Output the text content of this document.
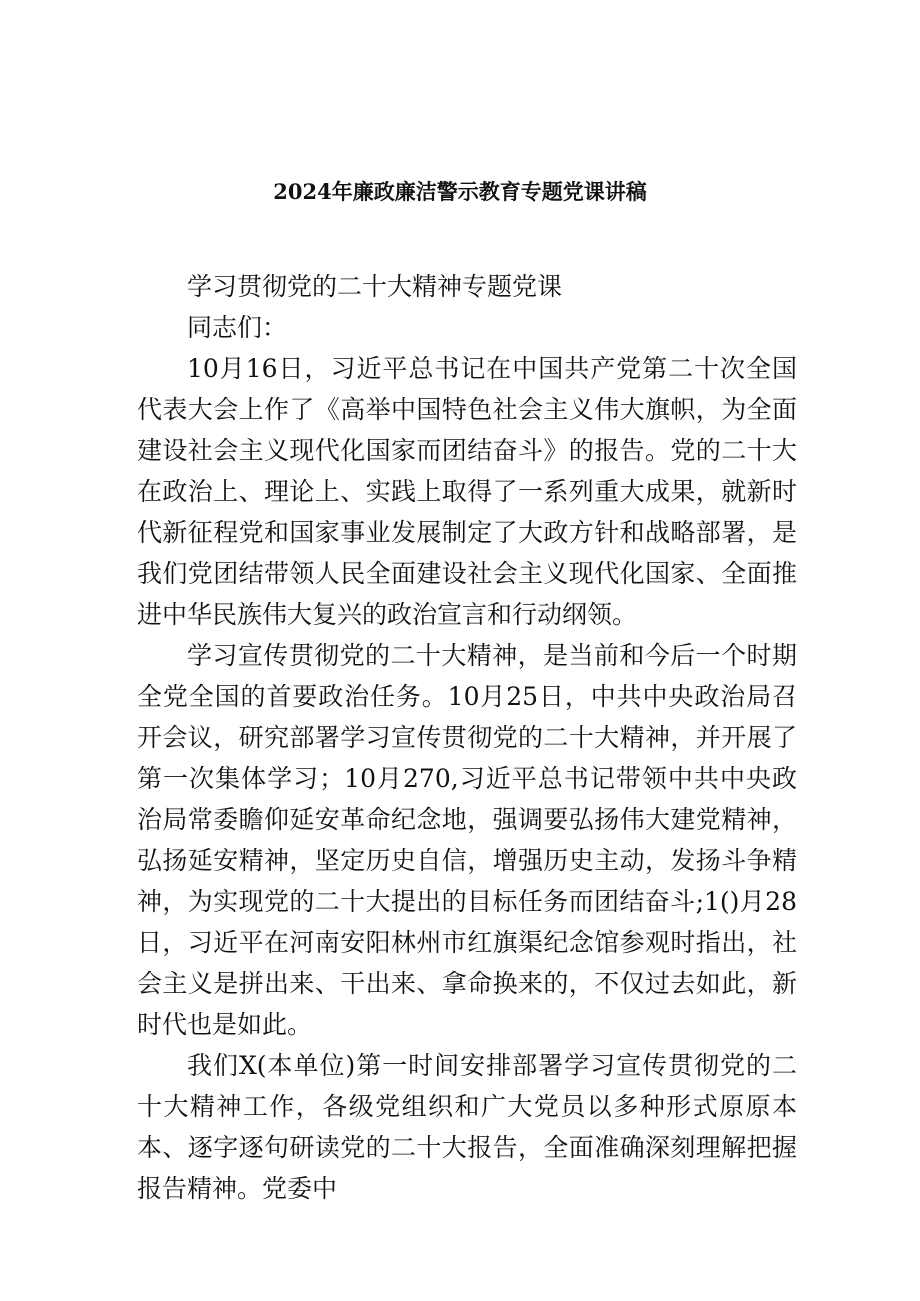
2024年廉政廉洁警示教育专题党课讲稿

学习贯彻党的二十大精神专题党课

同志们：

10月16日，习近平总书记在中国共产党第二十次全国代表大会上作了《高举中国特色社会主义伟大旗帜，为全面建设社会主义现代化国家而团结奋斗》的报告。党的二十大在政治上、理论上、实践上取得了一系列重大成果，就新时代新征程党和国家事业发展制定了大政方针和战略部署，是我们党团结带领人民全面建设社会主义现代化国家、全面推进中华民族伟大复兴的政治宣言和行动纲领。

学习宣传贯彻党的二十大精神，是当前和今后一个时期全党全国的首要政治任务。10月25日，中共中央政治局召开会议，研究部署学习宣传贯彻党的二十大精神，并开展了第一次集体学习；10月270,习近平总书记带领中共中央政治局常委瞻仰延安革命纪念地，强调要弘扬伟大建党精神，弘扬延安精神，坚定历史自信，增强历史主动，发扬斗争精神，为实现党的二十大提出的目标任务而团结奋斗;1()月28日，习近平在河南安阳林州市红旗渠纪念馆参观时指出，社会主义是拼出来、干出来、拿命换来的，不仅过去如此，新时代也是如此。

我们X(本单位)第一时间安排部署学习宣传贯彻党的二十大精神工作，各级党组织和广大党员以多种形式原原本本、逐字逐句研读党的二十大报告，全面准确深刻理解把握报告精神。党委中
